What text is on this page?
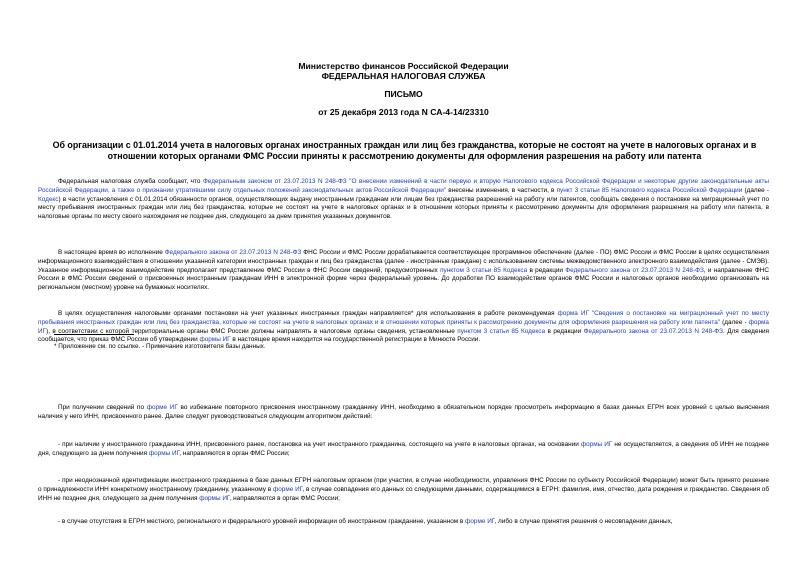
Министерство финансов Российской Федерации
ФЕДЕРАЛЬНАЯ НАЛОГОВАЯ СЛУЖБА
ПИСЬМО
от 25 декабря 2013 года N СА-4-14/23310
Об организации с 01.01.2014 учета в налоговых органах иностранных граждан или лиц без гражданства, которые не состоят на учете в налоговых органах и в отношении которых органами ФМС России приняты к рассмотрению документы для оформления разрешения на работу или патента
Федеральная налоговая служба сообщает, что Федеральным законом от 23.07.2013 N 248-ФЗ "О внесении изменений в части первую и вторую Налогового кодекса Российской Федерации и некоторые другие законодательные акты Российской Федерации, а также о признании утратившими силу отдельных положений законодательных актов Российской Федерации" внесены изменения, в частности, в пункт 3 статьи 85 Налогового кодекса Российской Федерации (далее - Кодекс) в части установления с 01.01.2014 обязанности органов, осуществляющих выдачу иностранным гражданам или лицам без гражданства разрешений на работу или патентов, сообщать сведения о постановке на миграционный учет по месту пребывания иностранных граждан или лиц без гражданства, которые не состоят на учете в налоговых органах и в отношении которых приняты к рассмотрению документы для оформления разрешения на работу или патента, в налоговые органы по месту своего нахождения не позднее дня, следующего за днем принятия указанных документов.
В настоящее время во исполнение Федерального закона от 23.07.2013 N 248-ФЗ ФНС России и ФМС России дорабатывается соответствующее программное обеспечение (далее - ПО) ФМС России и ФМС России в целях осуществления информационного взаимодействия в отношении указанной категории иностранных граждан и лиц без гражданства (далее - иностранные граждане) с использованием системы межведомственного электронного взаимодействия (далее - СМЭВ). Указанное информационное взаимодействие предполагает представление ФМС России в ФНС России сведений, предусмотренных пунктом 3 статьи 85 Кодекса в редакции Федерального закона от 23.07.2013 N 248-ФЗ, и направление ФНС России в ФМС России сведений о присвоенных иностранным гражданам ИНН в электронной форме через федеральный уровень. До доработки ПО взаимодействие органов ФМС России и налоговых органов необходимо организовать на региональном (местном) уровне на бумажных носителях.
В целях осуществления налоговыми органами постановки на учет указанных иностранных граждан направляется* для использования в работе рекомендуемая форма ИГ "Сведения о постановке на миграционный учет по месту пребывания иностранных граждан или лиц без гражданства, которые не состоят на учете в налоговых органах и в отношении которых приняты к рассмотрению документы для оформления разрешения на работу или патента" (далее - форма ИГ), в соответствии с которой территориальные органы ФМС России должны направлять в налоговые органы сведения, установленные пунктом 3 статьи 85 Кодекса в редакции Федерального закона от 23.07.2013 N 248-ФЗ. Для сведения сообщается, что приказ ФМС России об утверждении формы ИГ в настоящее время находится на государственной регистрации в Минюсте России.
* Приложение см. по ссылке. - Примечание изготовителя базы данных.
При получении сведений по форме ИГ во избежание повторного присвоения иностранному гражданину ИНН, необходимо в обязательном порядке просмотреть информацию в базах данных ЕГРН всех уровней с целью выяснения наличия у него ИНН, присвоенного ранее. Далее следует руководствоваться следующим алгоритмом действий:
- при наличии у иностранного гражданина ИНН, присвоенного ранее, постановка на учет иностранного гражданина, состоящего на учете в налоговых органах, на основании формы ИГ не осуществляется, а сведения об ИНН не позднее дня, следующего за днем получения формы ИГ, направляются в орган ФМС России;
- при неоднозначной идентификации иностранного гражданина в базе данных ЕГРН налоговым органом (при участии, в случае необходимости, управления ФНС России по субъекту Российской Федерации) может быть принято решение о принадлежности ИНН конкретному иностранному гражданину, указанному в форме ИГ, в случае совпадения его данных со следующими данными, содержащимися в ЕГРН: фамилия, имя, отчество, дата рождения и гражданство. Сведения об ИНН не позднее дня, следующего за днем получения формы ИГ, направляются в орган ФМС России;
- в случае отсутствия в ЕГРН местного, регионального и федерального уровней информации об иностранном гражданине, указанном в форме ИГ, либо в случае принятия решения о несовпадении данных,
